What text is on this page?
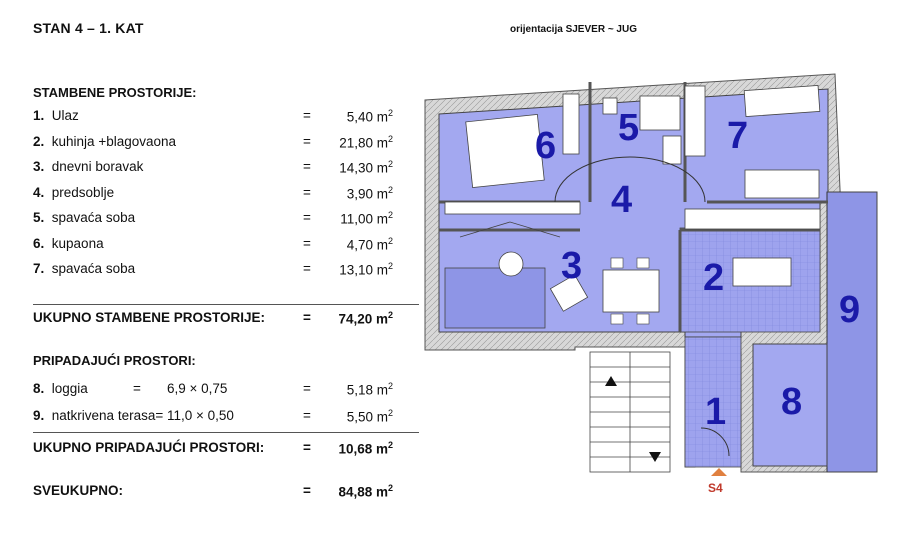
STAN 4 – 1. KAT	orijentacija SJEVER ~ JUG
STAMBENE PROSTORIJE:
1. Ulaz	=	5,40 $m^2$
2. kuhinja +blagovaona	= 21,80 $m^2$
3. dnevni boravak	= 14,30 $m^2$
4. predsoblje	=	3,90 $m^2$
5. spavaća soba	= 11,00 $m^2$
6. kupaona	=	4,70 $m^2$
7. spavaća soba	= 13,10 $m^2$
UKUPNO STAMBENE PROSTORIJE:	= 74,20 $m^2$
PRIPADAJUĆI PROSTORI:
8. loggia	= 6,9 × 0,75	=	5,18 $m^2$
9. natkrivena terasa= 11,0 × 0,50	=	5,50 $m^2$
UKUPNO PRIPADAJUĆI PROSTORI:	= 10,68 $m^2$
SVEUKUPNO:	= 84,88 $m^2$	S4
1
2
3
4
5
6	7
8
9
